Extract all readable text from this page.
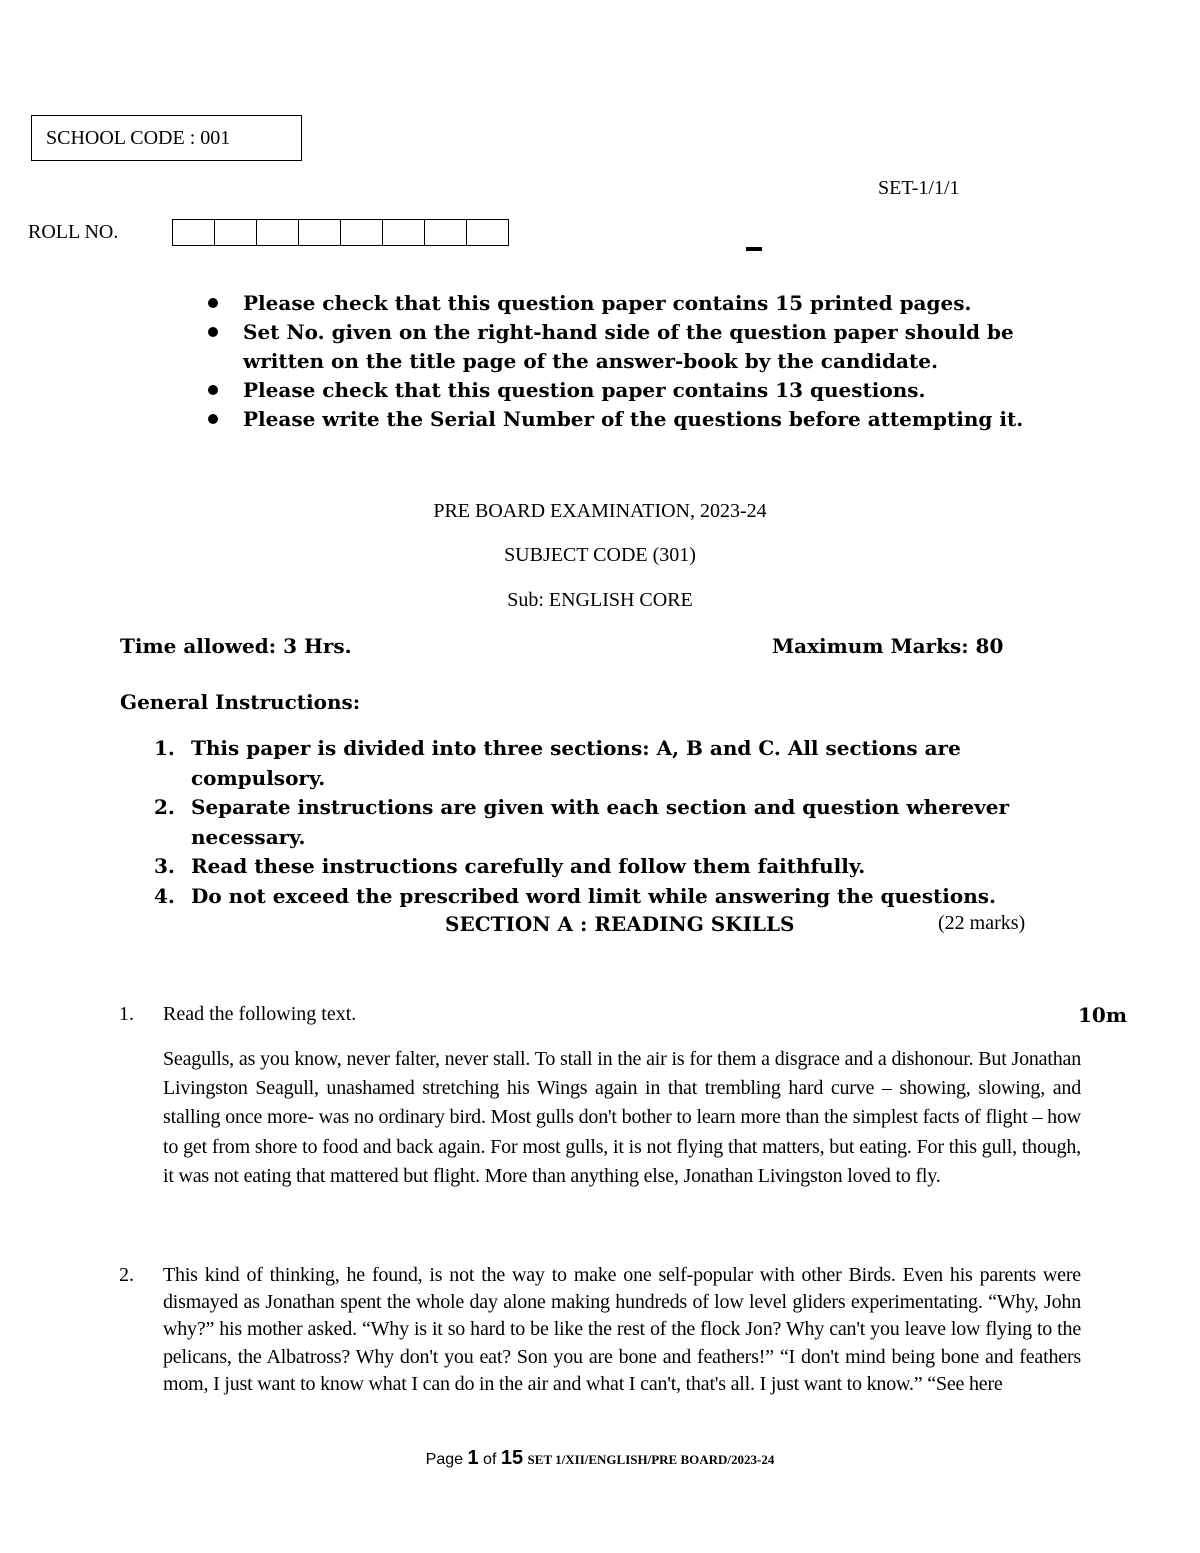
SCHOOL CODE : 001
SET-1/1/1
ROLL NO.
Please check that this question paper contains 15 printed pages.
Set No. given on the right-hand side of the question paper should be written on the title page of the answer-book by the candidate.
Please check that this question paper contains 13 questions.
Please write the Serial Number of the questions before attempting it.
PRE BOARD EXAMINATION, 2023-24
SUBJECT CODE (301)
Sub: ENGLISH CORE
Time allowed: 3 Hrs.	Maximum Marks: 80
General Instructions:
1. This paper is divided into three sections: A, B and C. All sections are compulsory.
2. Separate instructions are given with each section and question wherever necessary.
3. Read these instructions carefully and follow them faithfully.
4. Do not exceed the prescribed word limit while answering the questions.
SECTION A : READING SKILLS	(22 marks)
1. Read the following text.	10m
Seagulls, as you know, never falter, never stall. To stall in the air is for them a disgrace and a dishonour. But Jonathan Livingston Seagull, unashamed stretching his Wings again in that trembling hard curve – showing, slowing, and stalling once more- was no ordinary bird. Most gulls don't bother to learn more than the simplest facts of flight – how to get from shore to food and back again. For most gulls, it is not flying that matters, but eating. For this gull, though, it was not eating that mattered but flight. More than anything else, Jonathan Livingston loved to fly.
2. This kind of thinking, he found, is not the way to make one self-popular with other Birds. Even his parents were dismayed as Jonathan spent the whole day alone making hundreds of low level gliders experimentating. “Why, John why?” his mother asked. “Why is it so hard to be like the rest of the flock Jon? Why can't you leave low flying to the pelicans, the Albatross? Why don't you eat? Son you are bone and feathers!” “I don't mind being bone and feathers mom, I just want to know what I can do in the air and what I can't, that's all. I just want to know.” “See here
Page 1 of 15 SET 1/XII/ENGLISH/PRE BOARD/2023-24
